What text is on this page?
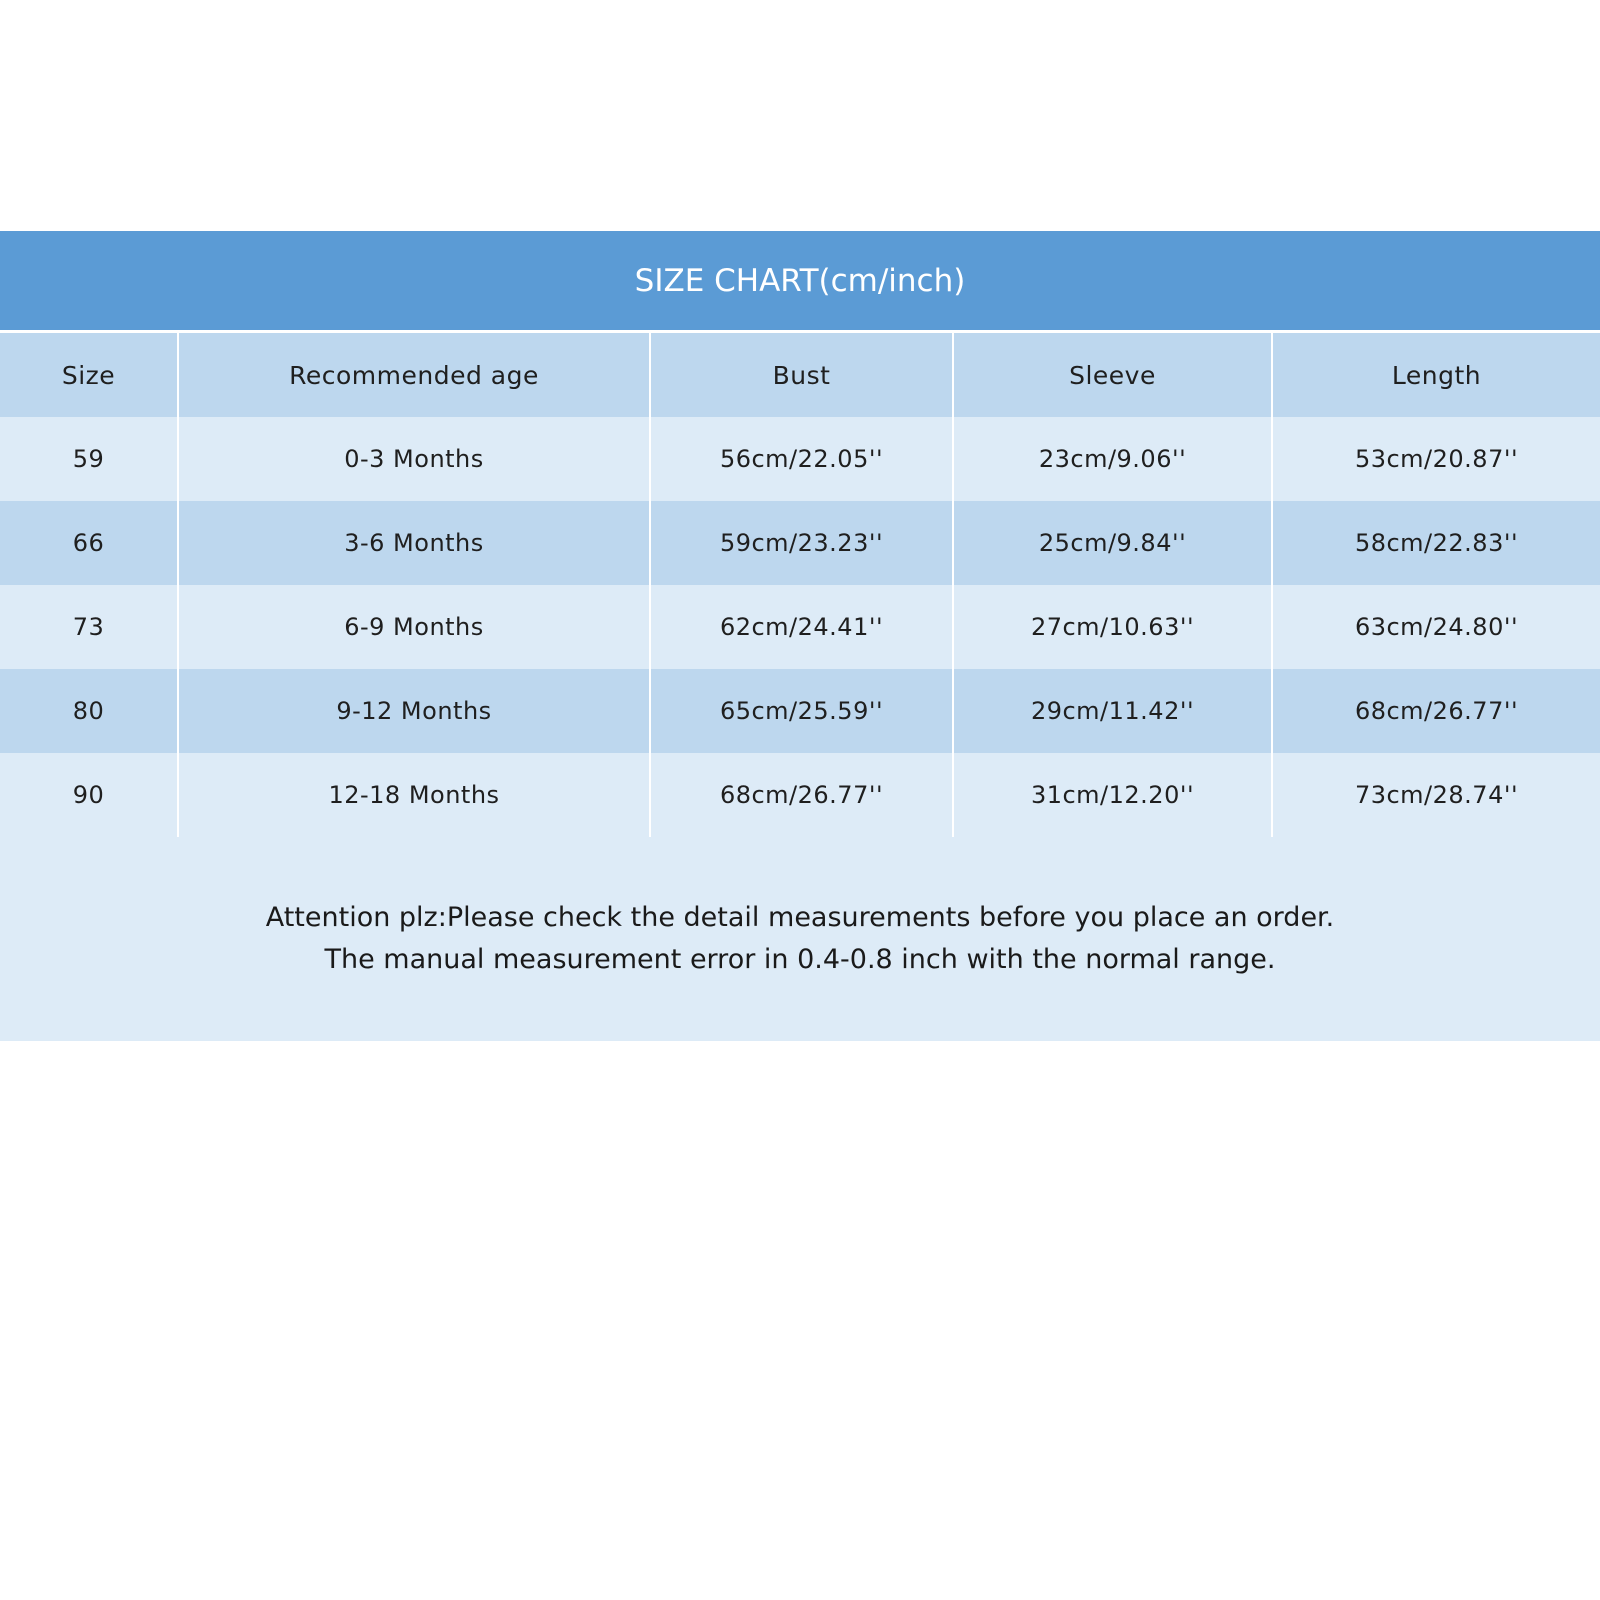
SIZE CHART(cm/inch)
Size	Recommended age	Bust	Sleeve	Length
59	0-3 Months	56cm/22.05''	23cm/9.06''	53cm/20.87''
66	3-6 Months	59cm/23.23''	25cm/9.84''	58cm/22.83''
73	6-9 Months	62cm/24.41''	27cm/10.63''	63cm/24.80''
80	9-12 Months	65cm/25.59''	29cm/11.42''	68cm/26.77''
90	12-18 Months	68cm/26.77''	31cm/12.20''	73cm/28.74''
Attention plz:Please check the detail measurements before you place an order.
The manual measurement error in 0.4-0.8 inch with the normal range.
